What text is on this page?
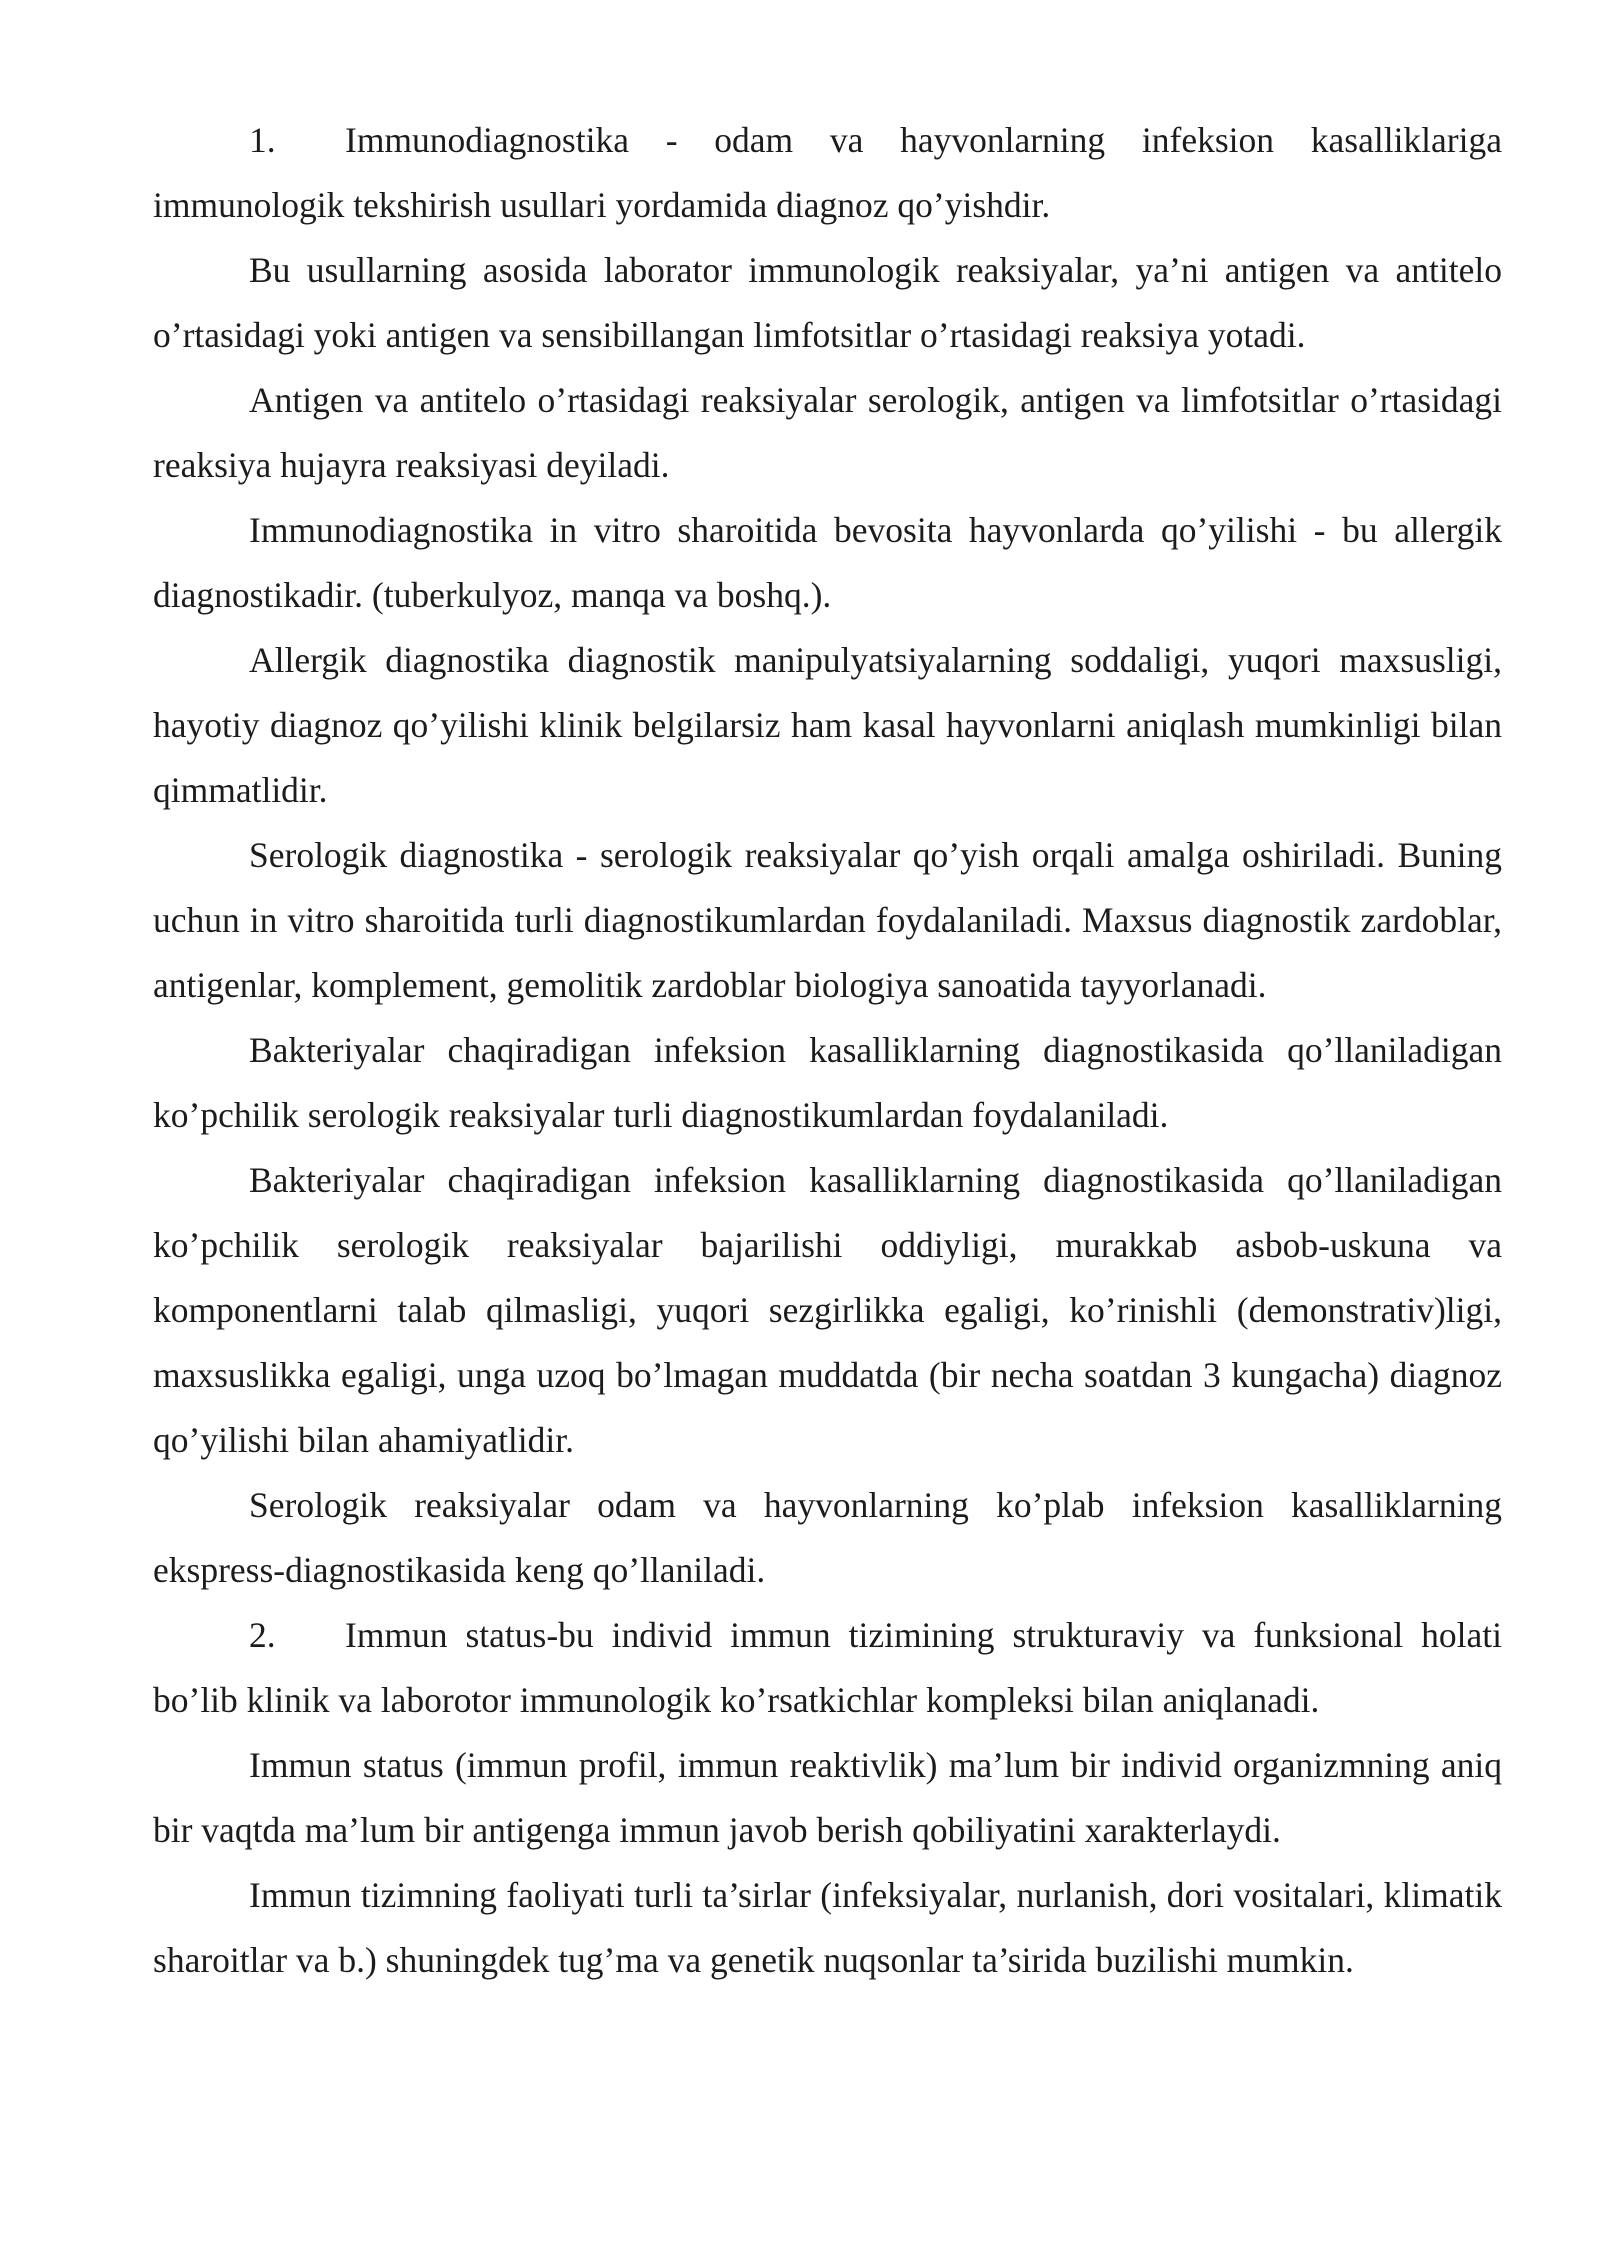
1. Immunodiagnostika - odam va hayvonlarning infeksion kasalliklariga immunologik tekshirish usullari yordamida diagnoz qo’yishdir.

Bu usullarning asosida laborator immunologik reaksiyalar, ya’ni antigen va antitelo o’rtasidagi yoki antigen va sensibillangan limfotsitlar o’rtasidagi reaksiya yotadi.

Antigen va antitelo o’rtasidagi reaksiyalar serologik, antigen va limfotsitlar o’rtasidagi reaksiya hujayra reaksiyasi deyiladi.

Immunodiagnostika in vitro sharoitida bevosita hayvonlarda qo’yilishi - bu allergik diagnostikadir. (tuberkulyoz, manqa va boshq.).

Allergik diagnostika diagnostik manipulyatsiyalarning soddaligi, yuqori maxsusligi, hayotiy diagnoz qo’yilishi klinik belgilarsiz ham kasal hayvonlarni aniqlash mumkinligi bilan qimmatlidir.

Serologik diagnostika - serologik reaksiyalar qo’yish orqali amalga oshiriladi. Buning uchun in vitro sharoitida turli diagnostikumlardan foydalaniladi. Maxsus diagnostik zardoblar, antigenlar, komplement, gemolitik zardoblar biologiya sanoatida tayyorlanadi.

Bakteriyalar chaqiradigan infeksion kasalliklarning diagnostikasida qo’llaniladigan ko’pchilik serologik reaksiyalar turli diagnostikumlardan foydalaniladi.

Bakteriyalar chaqiradigan infeksion kasalliklarning diagnostikasida qo’llaniladigan ko’pchilik serologik reaksiyalar bajarilishi oddiyligi, murakkab asbob-uskuna va komponentlarni talab qilmasligi, yuqori sezgirlikka egaligi, ko’rinishli (demonstrativ)ligi, maxsuslikka egaligi, unga uzoq bo’lmagan muddatda (bir necha soatdan 3 kungacha) diagnoz qo’yilishi bilan ahamiyatlidir.

Serologik reaksiyalar odam va hayvonlarning ko’plab infeksion kasalliklarning ekspress-diagnostikasida keng qo’llaniladi.

2. Immun status-bu individ immun tizimining strukturaviy va funksional holati bo’lib klinik va laborotor immunologik ko’rsatkichlar kompleksi bilan aniqlanadi.

Immun status (immun profil, immun reaktivlik) ma’lum bir individ organizmning aniq bir vaqtda ma’lum bir antigenga immun javob berish qobiliyatini xarakterlaydi.

Immun tizimning faoliyati turli ta’sirlar (infeksiyalar, nurlanish, dori vositalari, klimatik sharoitlar va b.) shuningdek tug’ma va genetik nuqsonlar ta’sirida buzilishi mumkin.
